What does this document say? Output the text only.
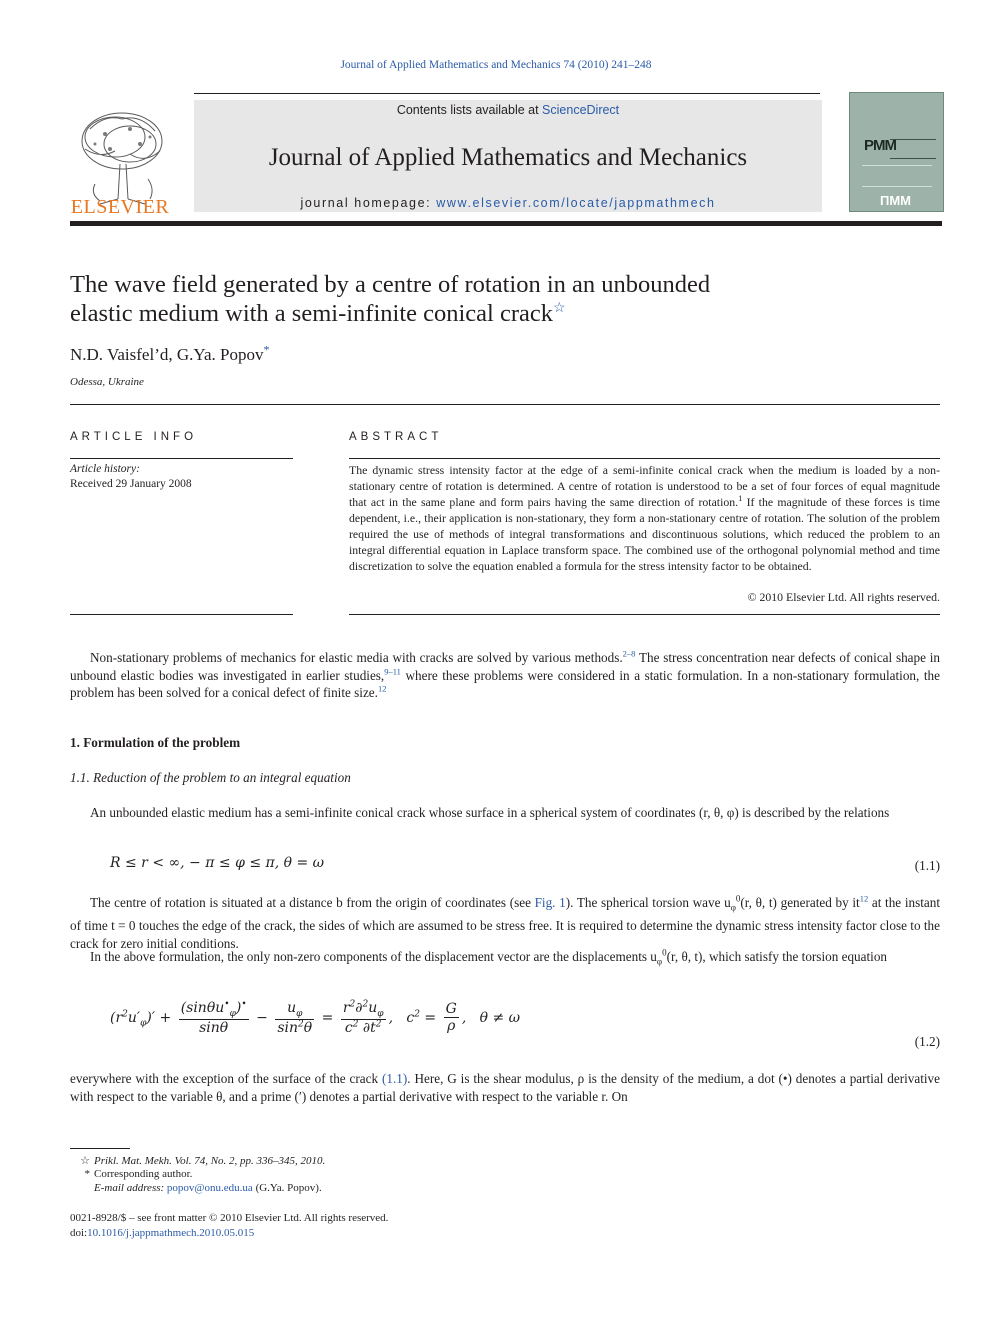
Journal of Applied Mathematics and Mechanics 74 (2010) 241–248
ELSEVIER
Contents lists available at ScienceDirect
Journal of Applied Mathematics and Mechanics
journal homepage: www.elsevier.com/locate/jappmathmech
PMM
ПММ
The wave field generated by a centre of rotation in an unbounded
elastic medium with a semi-infinite conical crack☆
N.D. Vaisfel’d, G.Ya. Popov*
Odessa, Ukraine
ARTICLE INFO
Article history:
Received 29 January 2008
ABSTRACT
The dynamic stress intensity factor at the edge of a semi-infinite conical crack when the medium is loaded by a non-stationary centre of rotation is determined. A centre of rotation is understood to be a set of four forces of equal magnitude that act in the same plane and form pairs having the same direction of rotation.$^1$ If the magnitude of these forces is time dependent, i.e., their application is non-stationary, they form a non-stationary centre of rotation. The solution of the problem required the use of methods of integral transformations and discontinuous solutions, which reduced the problem to an integral differential equation in Laplace transform space. The combined use of the orthogonal polynomial method and time discretization to solve the equation enabled a formula for the stress intensity factor to be obtained.
© 2010 Elsevier Ltd. All rights reserved.
Non-stationary problems of mechanics for elastic media with cracks are solved by various methods.$^{2-8}$ The stress concentration near defects of conical shape in unbound elastic bodies was investigated in earlier studies,$^{9-11}$ where these problems were considered in a static formulation. In a non-stationary formulation, the problem has been solved for a conical defect of finite size.$^{12}$
1. Formulation of the problem
1.1. Reduction of the problem to an integral equation
An unbounded elastic medium has a semi-infinite conical crack whose surface in a spherical system of coordinates (r, θ, φ) is described by the relations
R ≤ r < ∞, − π ≤ φ ≤ π, θ = ω	(1.1)
The centre of rotation is situated at a distance b from the origin of coordinates (see Fig. 1). The spherical torsion wave $u_\varphi^0(r$, θ, t) generated by $it^{12}$ at the instant of time t = 0 touches the edge of the crack, the sides of which are assumed to be stress free. It is required to determine the dynamic stress intensity factor close to the crack for zero initial conditions.
In the above formulation, the only non-zero components of the displacement vector are the displacements $u_\varphi^0(r$, θ, t), which satisfy the torsion equation
$(r^2u'_\varphi)' + \frac{(\sin\theta u^•_\varphi)^•}{\sin\theta} - \frac{u_\varphi}{\sin^2\theta} = \frac{r^2\partial^2u_\varphi}{c^2 \partial t^2}$ ,   $c^2 = \frac{G}{\rho}$ ,   θ ≠ ω
(1.2)
everywhere with the exception of the surface of the crack (1.1). Here, G is the shear modulus, ρ is the density of the medium, a dot (•) denotes a partial derivative with respect to the variable θ, and a prime (′) denotes a partial derivative with respect to the variable r. On
☆ Prikl. Mat. Mekh. Vol. 74, No. 2, pp. 336–345, 2010.
* Corresponding author.
E-mail address: popov@onu.edu.ua (G.Ya. Popov).
0021-8928/$ – see front matter © 2010 Elsevier Ltd. All rights reserved.
doi:10.1016/j.jappmathmech.2010.05.015
